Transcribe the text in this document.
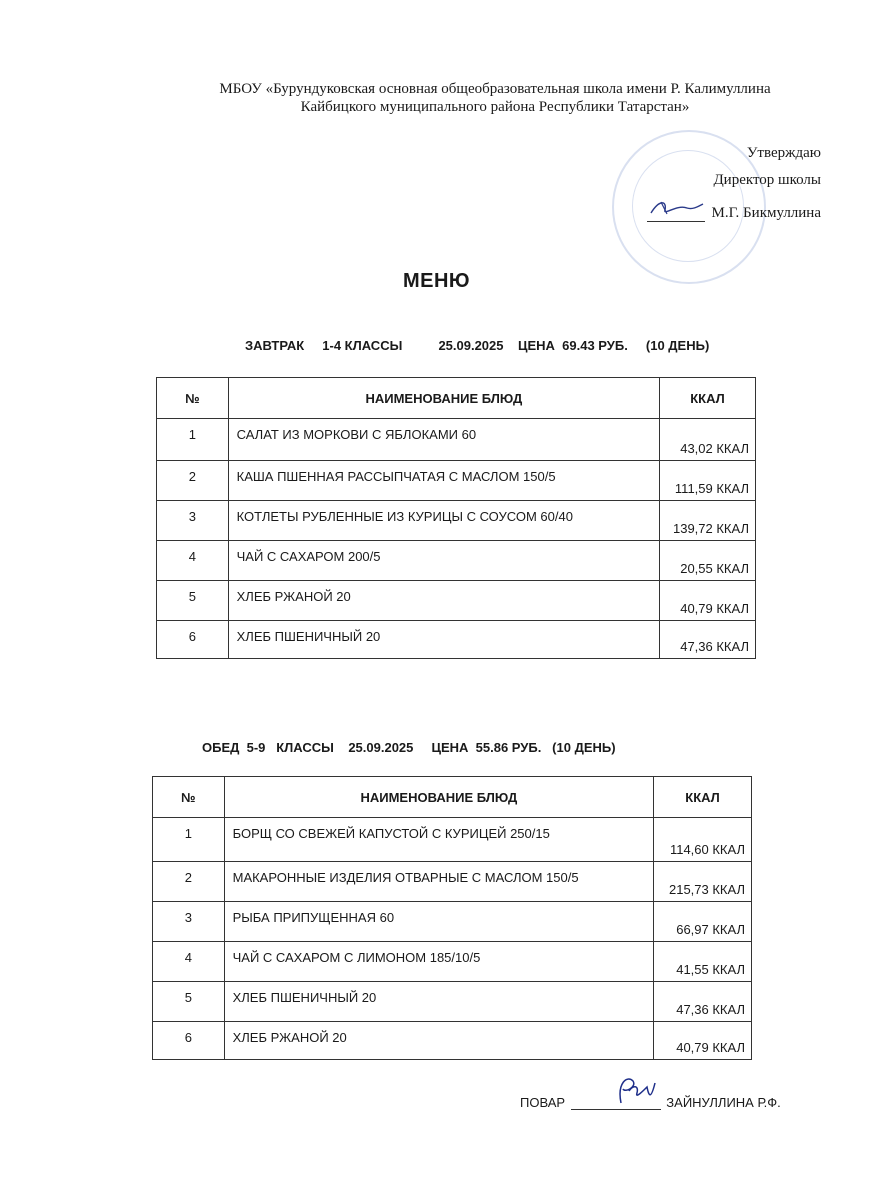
МБОУ «Бурундуковская основная общеобразовательная школа имени Р. Калимуллина
Кайбицкого муниципального района Республики Татарстан»
Утверждаю
Директор школы
М.Г. Бикмуллина
МЕНЮ
ЗАВТРАК 1-4 КЛАССЫ	25.09.2025 ЦЕНА  69.43 РУБ. (10 ДЕНЬ)
№	НАИМЕНОВАНИЕ БЛЮД	ККАЛ
1	САЛАТ ИЗ МОРКОВИ С ЯБЛОКАМИ 60	43,02 ККАЛ
2	КАША ПШЕННАЯ РАССЫПЧАТАЯ С МАСЛОМ 150/5	111,59 ККАЛ
3	КОТЛЕТЫ РУБЛЕННЫЕ ИЗ КУРИЦЫ С СОУСОМ 60/40	139,72 ККАЛ
4	ЧАЙ С САХАРОМ 200/5	20,55 ККАЛ
5	ХЛЕБ РЖАНОЙ 20	40,79 ККАЛ
6	ХЛЕБ ПШЕНИЧНЫЙ 20	47,36 ККАЛ
ОБЕД  5-9 КЛАССЫ 25.09.2025 ЦЕНА  55.86 РУБ. (10 ДЕНЬ)
№	НАИМЕНОВАНИЕ БЛЮД	ККАЛ
1	БОРЩ СО СВЕЖЕЙ КАПУСТОЙ С КУРИЦЕЙ 250/15	114,60 ККАЛ
2	МАКАРОННЫЕ ИЗДЕЛИЯ ОТВАРНЫЕ С МАСЛОМ 150/5	215,73 ККАЛ
3	РЫБА ПРИПУЩЕННАЯ 60	66,97 ККАЛ
4	ЧАЙ С САХАРОМ С ЛИМОНОМ 185/10/5	41,55 ККАЛ
5	ХЛЕБ ПШЕНИЧНЫЙ 20	47,36 ККАЛ
6	ХЛЕБ РЖАНОЙ 20	40,79 ККАЛ
ПОВАР	ЗАЙНУЛЛИНА Р.Ф.
